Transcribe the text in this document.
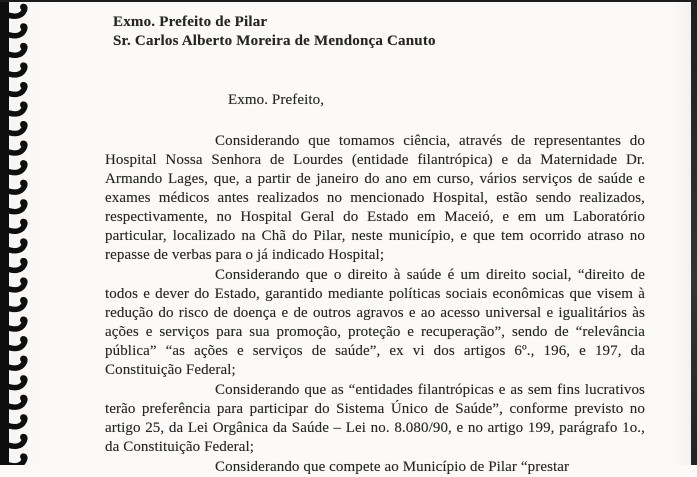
Exmo. Prefeito de Pilar
Sr. Carlos Alberto Moreira de Mendonça Canuto
Exmo. Prefeito,

Considerando que tomamos ciência, através de representantes do Hospital Nossa Senhora de Lourdes (entidade filantrópica) e da Maternidade Dr. Armando Lages, que, a partir de janeiro do ano em curso, vários serviços de saúde e exames médicos antes realizados no mencionado Hospital, estão sendo realizados, respectivamente, no Hospital Geral do Estado em Maceió, e em um Laboratório particular, localizado na Chã do Pilar, neste município, e que tem ocorrido atraso no repasse de verbas para o já indicado Hospital;

Considerando que o direito à saúde é um direito social, “direito de todos e dever do Estado, garantido mediante políticas sociais econômicas que visem à redução do risco de doença e de outros agravos e ao acesso universal e igualitários às ações e serviços para sua promoção, proteção e recuperação”, sendo de “relevância pública” “as ações e serviços de saúde”, ex vi dos artigos 6º., 196, e 197, da Constituição Federal;

Considerando que as “entidades filantrópicas e as sem fins lucrativos terão preferência para participar do Sistema Único de Saúde”, conforme previsto no artigo 25, da Lei Orgânica da Saúde – Lei no. 8.080/90, e no artigo 199, parágrafo 1o., da Constituição Federal;

Considerando que compete ao Município de Pilar “prestar
